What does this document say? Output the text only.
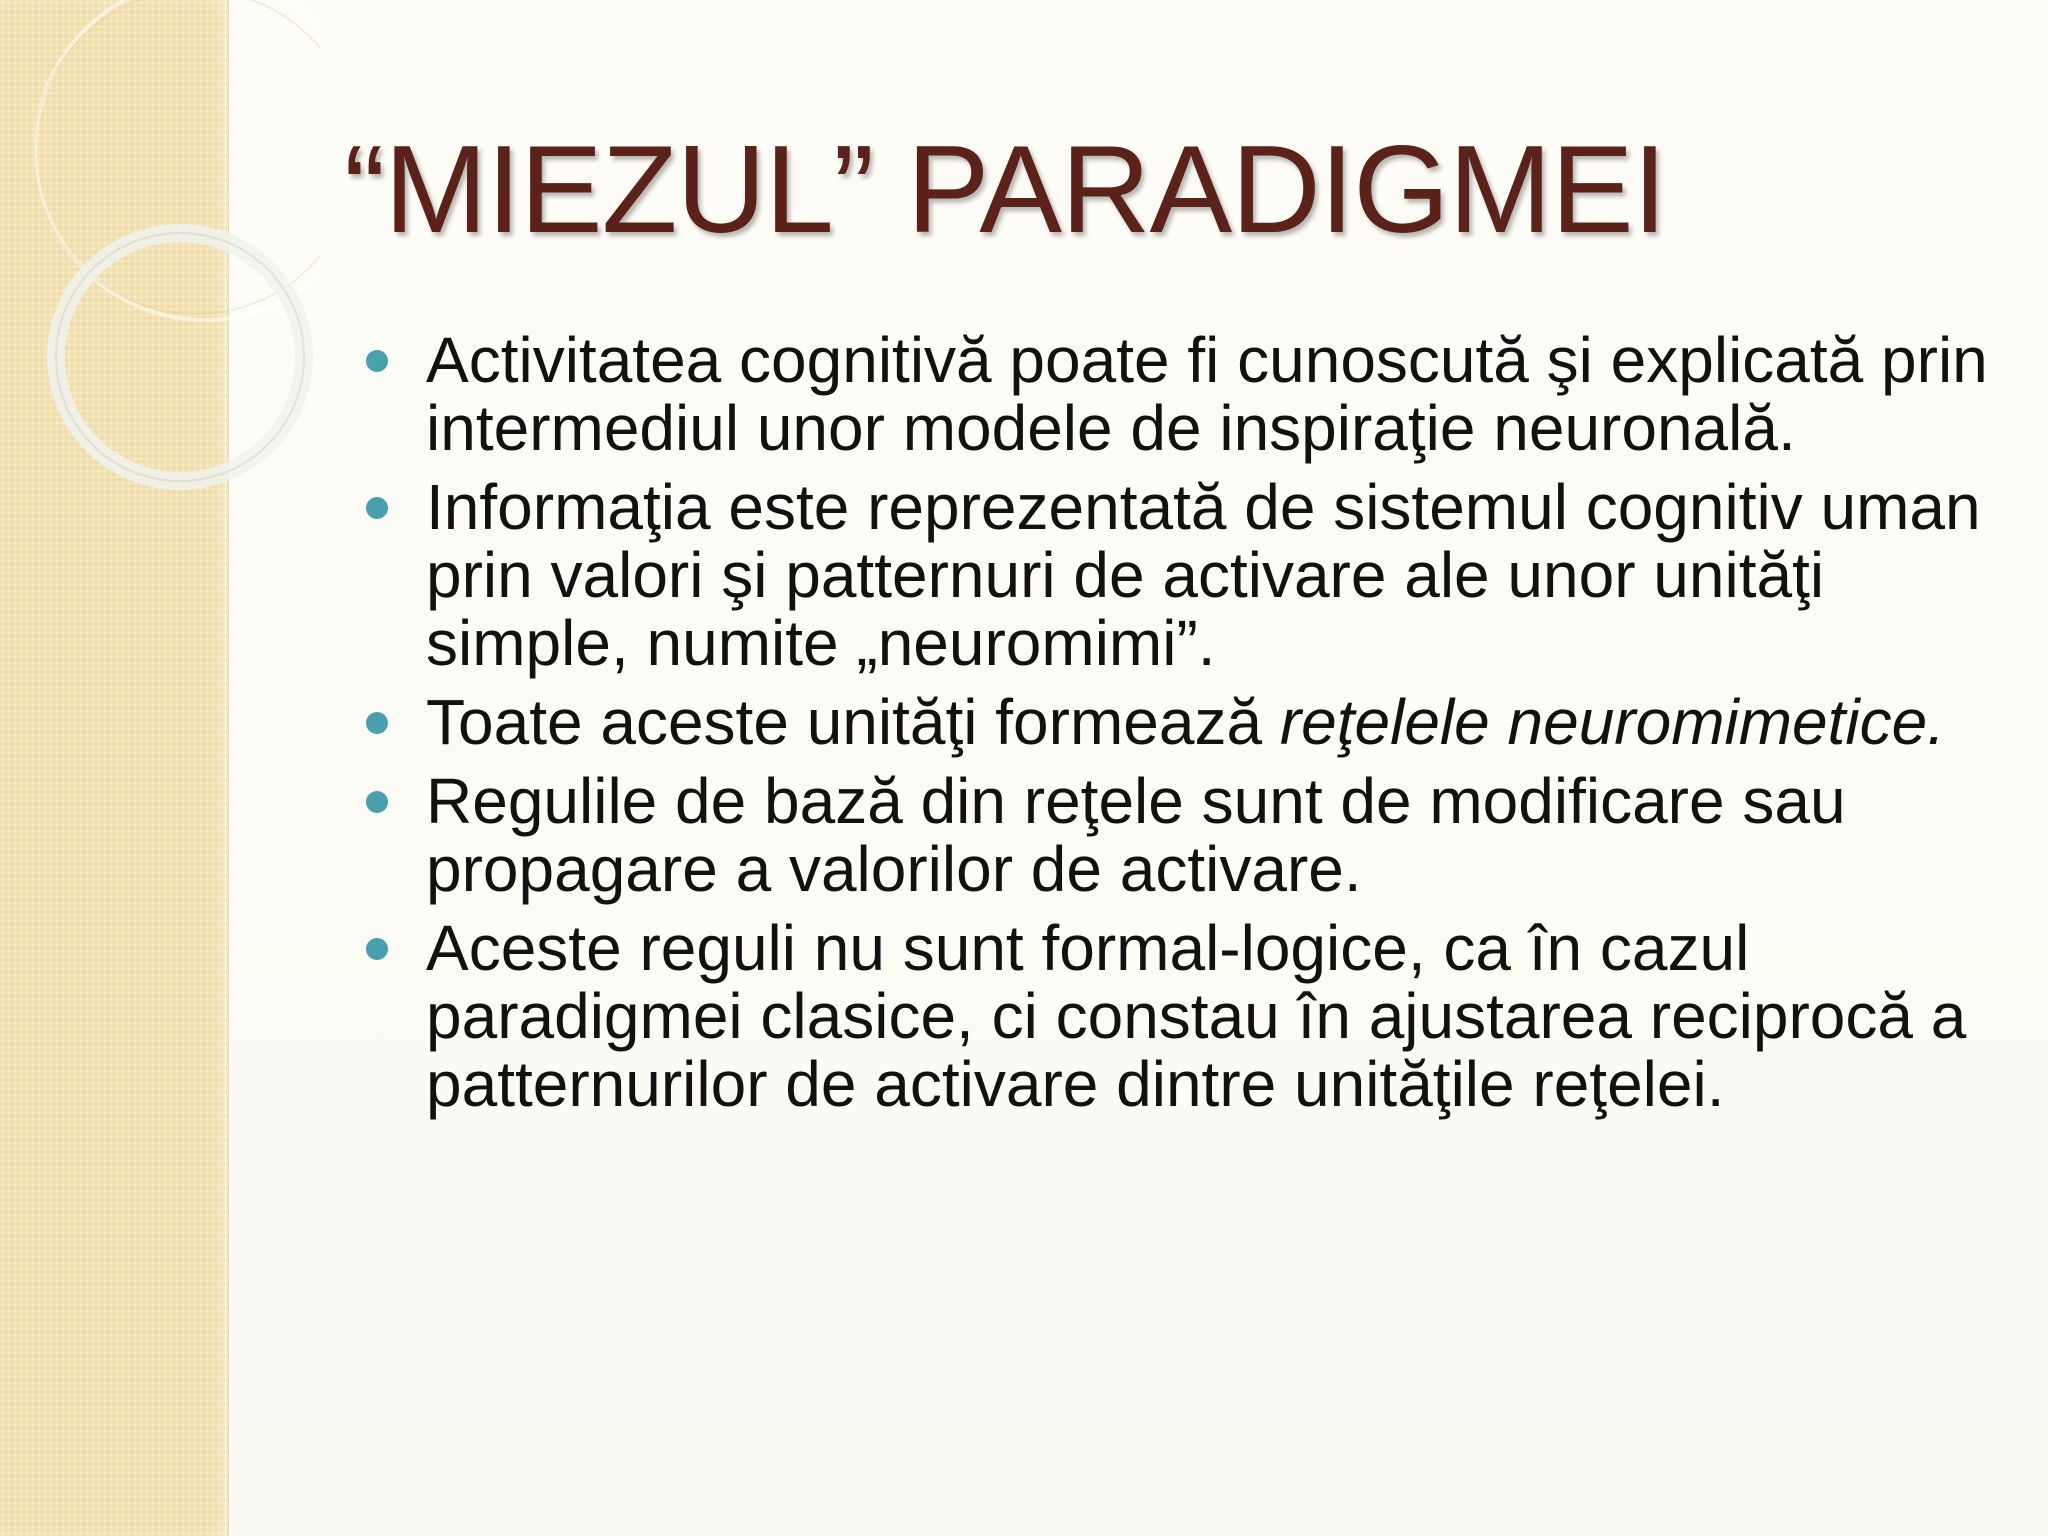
“MIEZUL” PARADIGMEI
Activitatea cognitivă poate fi cunoscută şi explicată prin intermediul unor modele de inspiraţie neuronală.
Informaţia este reprezentată de sistemul cognitiv uman prin valori şi patternuri de activare ale unor unităţi simple, numite „neuromimi”.
Toate aceste unităţi formează reţelele neuromimetice.
Regulile de bază din reţele sunt de modificare sau propagare a valorilor de activare.
Aceste reguli nu sunt formal-logice, ca în cazul paradigmei clasice, ci constau în ajustarea reciprocă a patternurilor de activare dintre unităţile reţelei.
